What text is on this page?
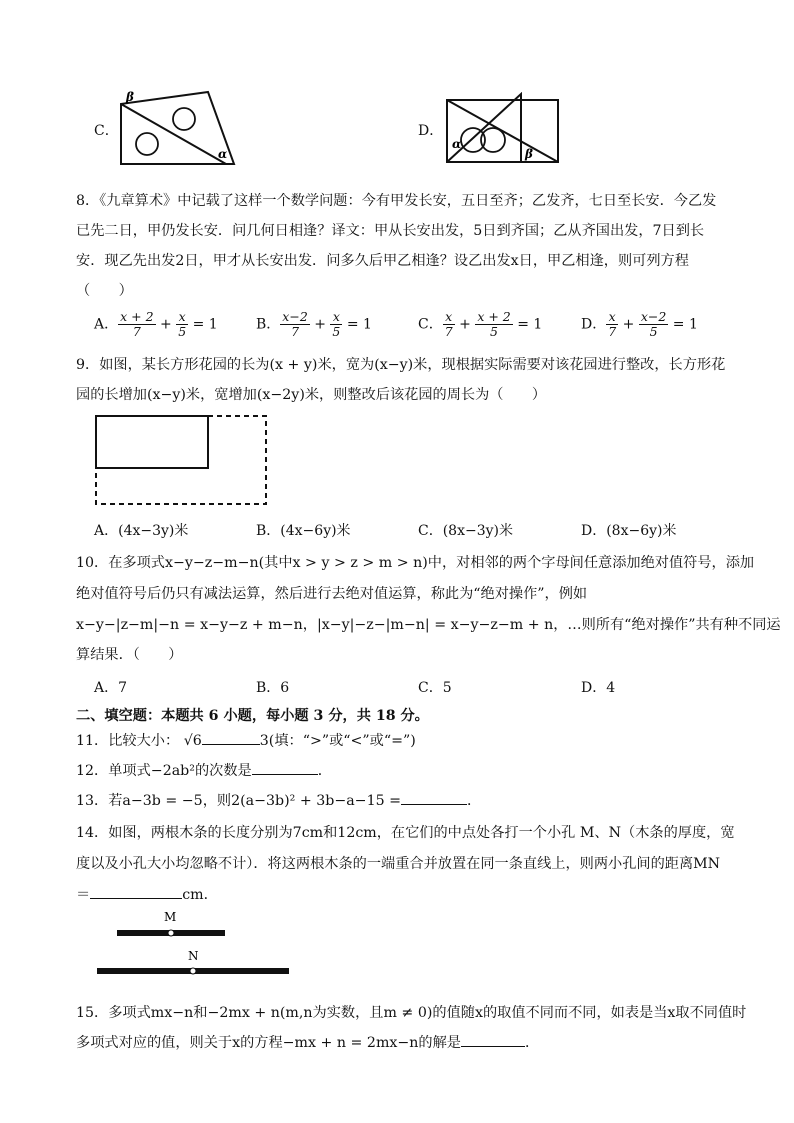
C．
β
α
D．
α
β
8．《九章算术》中记载了这样一个数学问题：今有甲发长安，五日至齐；乙发齐，七日至长安．今乙发
已先二日，甲仍发长安．问几何日相逢？译文：甲从长安出发，5日到齐国；乙从齐国出发，7日到长
安．现乙先出发2日，甲才从长安出发．问多久后甲乙相逢？设乙出发x日，甲乙相逢，则可列方程
（　　）
A． $\frac{x + 2}{7} + \frac{x}{5} = 1$	B． $\frac{x-2}{7} + \frac{x}{5} = 1$	C． $\frac{x}{7} + \frac{x + 2}{5} = 1$	D． $\frac{x}{7} + \frac{x-2}{5} = 1$
9．如图，某长方形花园的长为(x + y)米，宽为(x−y)米，现根据实际需要对该花园进行整改，长方形花
园的长增加(x−y)米，宽增加(x−2y)米，则整改后该花园的周长为（　　）
A．(4x−3y)米	B．(4x−6y)米	C．(8x−3y)米	D．(8x−6y)米
10．在多项式x−y−z−m−n(其中x > y > z > m > n)中，对相邻的两个字母间任意添加绝对值符号，添加
绝对值符号后仍只有减法运算，然后进行去绝对值运算，称此为“绝对操作”，例如
x−y−|z−m|−n = x−y−z + m−n，|x−y|−z−|m−n| = x−y−z−m + n，…则所有“绝对操作”共有种不同运
算结果．（　　）
A．7	B．6	C．5	D．4
二、填空题：本题共 6 小题，每小题 3 分，共 18 分。
11．比较大小： √6	3(填：“>”或“<”或“=”)
12．单项式−2ab²的次数是	．
13．若a−3b = −5，则2(a−3b)² + 3b−a−15 =	．
14．如图，两根木条的长度分别为7cm和12cm，在它们的中点处各打一个小孔 M、N（木条的厚度，宽
度以及小孔大小均忽略不计）．将这两根木条的一端重合并放置在同一条直线上，则两小孔间的距离MN
＝	cm．
M
N
15．多项式mx−n和−2mx + n(m,n为实数，且m ≠ 0)的值随x的取值不同而不同，如表是当x取不同值时
多项式对应的值，则关于x的方程−mx + n = 2mx−n的解是	．
